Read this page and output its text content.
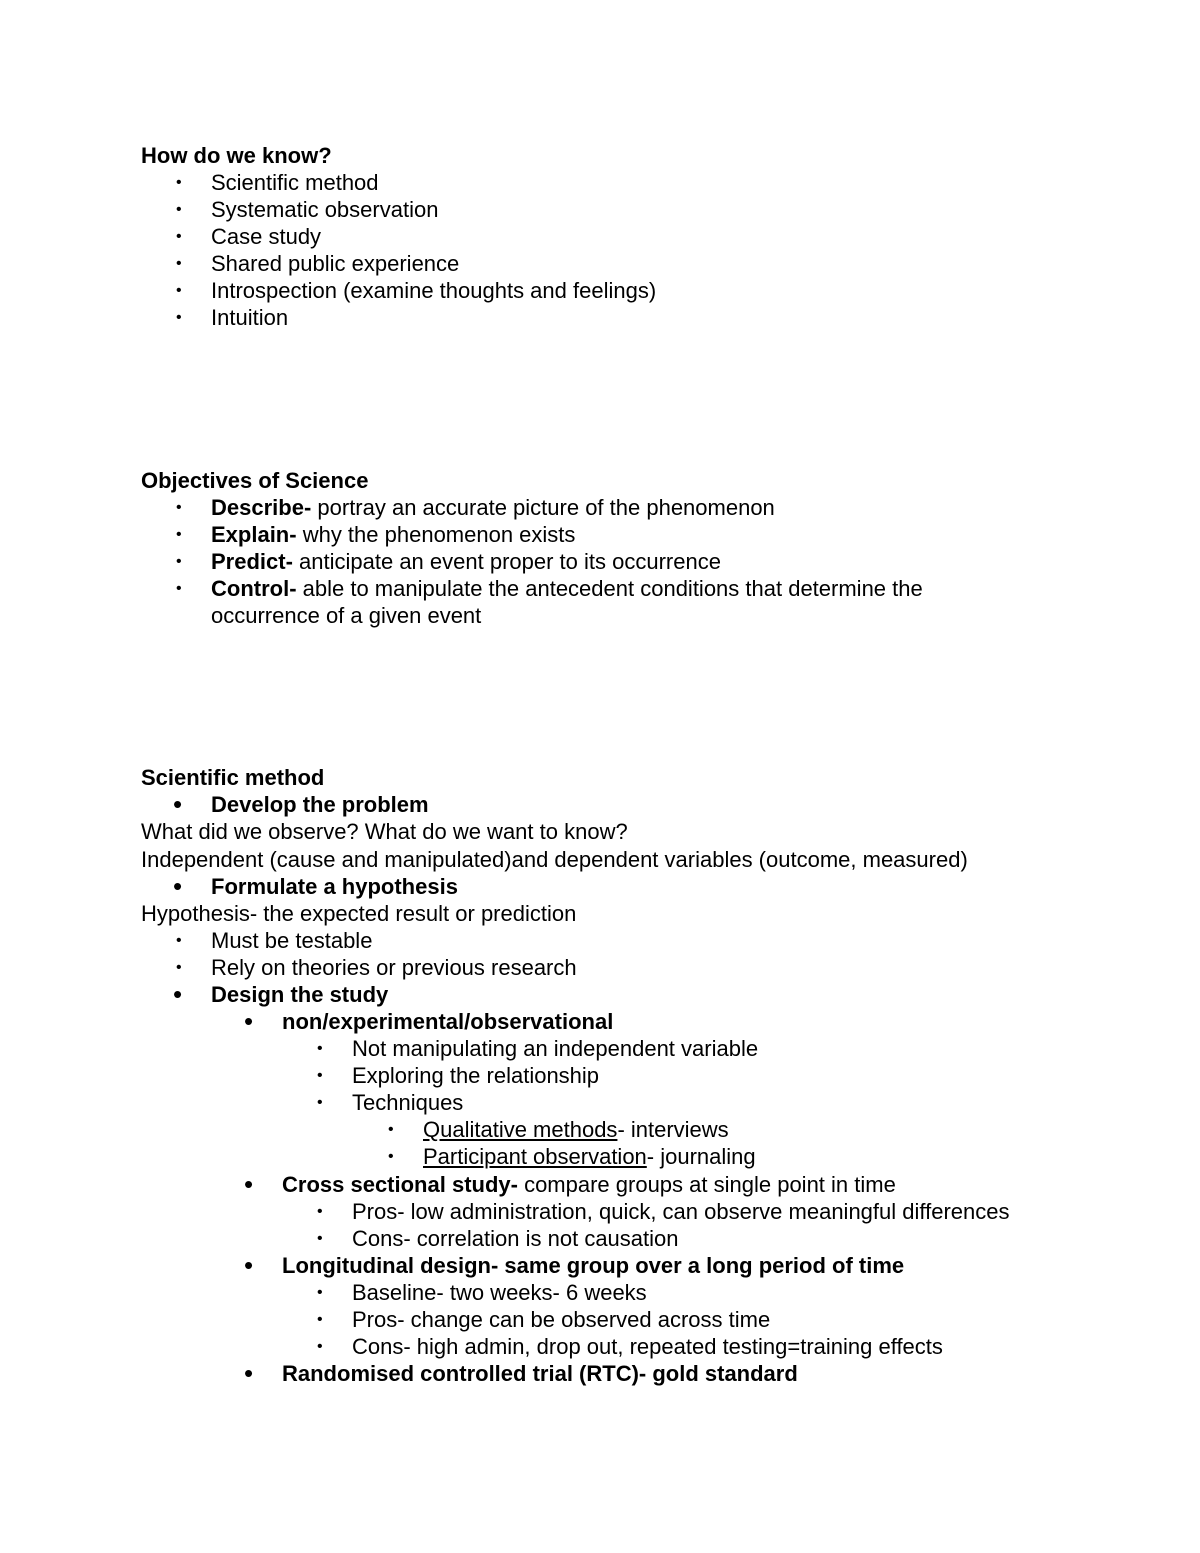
How do we know?
• Scientific method
• Systematic observation
• Case study
• Shared public experience
• Introspection (examine thoughts and feelings)
• Intuition
Objectives of Science
• Describe- portray an accurate picture of the phenomenon
• Explain- why the phenomenon exists
• Predict- anticipate an event proper to its occurrence
• Control- able to manipulate the antecedent conditions that determine the
occurrence of a given event
Scientific method
• Develop the problem
What did we observe? What do we want to know?
Independent (cause and manipulated)and dependent variables (outcome, measured)
• Formulate a hypothesis
Hypothesis- the expected result or prediction
• Must be testable
• Rely on theories or previous research
• Design the study
• non/experimental/observational
• Not manipulating an independent variable
• Exploring the relationship
• Techniques
• Qualitative methods- interviews
• Participant observation- journaling
• Cross sectional study- compare groups at single point in time
• Pros- low administration, quick, can observe meaningful differences
• Cons- correlation is not causation
• Longitudinal design- same group over a long period of time
• Baseline- two weeks- 6 weeks
• Pros- change can be observed across time
• Cons- high admin, drop out, repeated testing=training effects
• Randomised controlled trial (RTC)- gold standard
